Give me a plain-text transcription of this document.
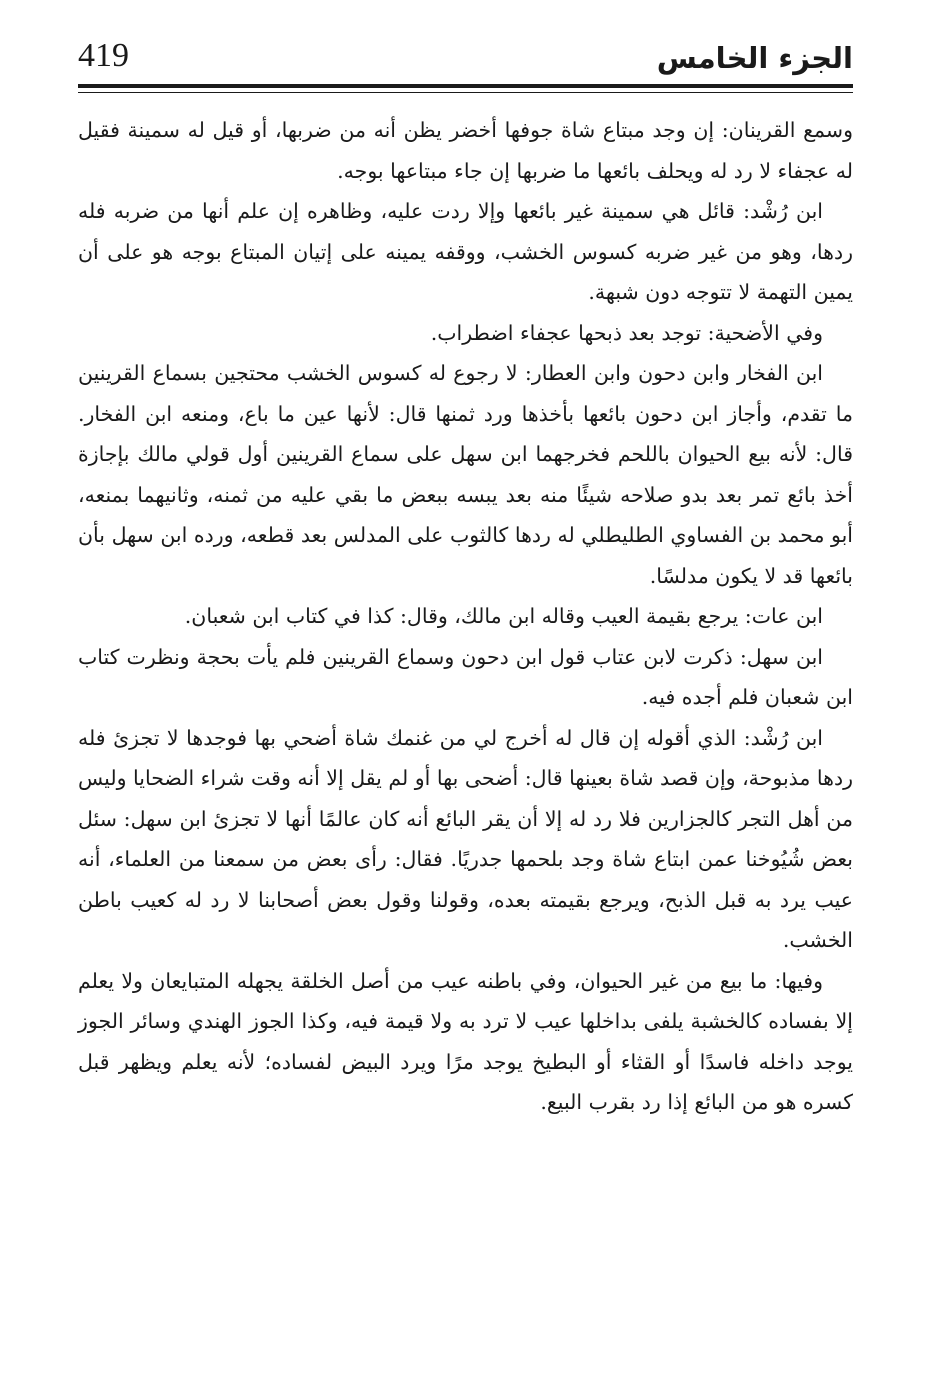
الجزء الخامس
419

وسمع القرينان: إن وجد مبتاع شاة جوفها أخضر يظن أنه من ضربها، أو قيل له سمينة فقيل له عجفاء لا رد له ويحلف بائعها ما ضربها إن جاء مبتاعها بوجه.

ابن رُشْد: قائل هي سمينة غير بائعها وإلا ردت عليه، وظاهره إن علم أنها من ضربه فله ردها، وهو من غير ضربه كسوس الخشب، ووقفه يمينه على إتيان المبتاع بوجه هو على أن يمين التهمة لا تتوجه دون شبهة.

وفي الأضحية: توجد بعد ذبحها عجفاء اضطراب.

ابن الفخار وابن دحون وابن العطار: لا رجوع له كسوس الخشب محتجين بسماع القرينين ما تقدم، وأجاز ابن دحون بائعها بأخذها ورد ثمنها قال: لأنها عين ما باع، ومنعه ابن الفخار. قال: لأنه بيع الحيوان باللحم فخرجهما ابن سهل على سماع القرينين أول قولي مالك بإجازة أخذ بائع تمر بعد بدو صلاحه شيئًا منه بعد يبسه ببعض ما بقي عليه من ثمنه، وثانيهما بمنعه، أبو محمد بن الفساوي الطليطلي له ردها كالثوب على المدلس بعد قطعه، ورده ابن سهل بأن بائعها قد لا يكون مدلسًا.

ابن عات: يرجع بقيمة العيب وقاله ابن مالك، وقال: كذا في كتاب ابن شعبان.

ابن سهل: ذكرت لابن عتاب قول ابن دحون وسماع القرينين فلم يأت بحجة ونظرت كتاب ابن شعبان فلم أجده فيه.

ابن رُشْد: الذي أقوله إن قال له أخرج لي من غنمك شاة أضحي بها فوجدها لا تجزئ فله ردها مذبوحة، وإن قصد شاة بعينها قال: أضحى بها أو لم يقل إلا أنه وقت شراء الضحايا وليس من أهل التجر كالجزارين فلا رد له إلا أن يقر البائع أنه كان عالمًا أنها لا تجزئ ابن سهل: سئل بعض شُيُوخنا عمن ابتاع شاة وجد بلحمها جدريًا. فقال: رأى بعض من سمعنا من العلماء، أنه عيب يرد به قبل الذبح، ويرجع بقيمته بعده، وقولنا وقول بعض أصحابنا لا رد له كعيب باطن الخشب.

وفيها: ما بيع من غير الحيوان، وفي باطنه عيب من أصل الخلقة يجهله المتبايعان ولا يعلم إلا بفساده كالخشبة يلفى بداخلها عيب لا ترد به ولا قيمة فيه، وكذا الجوز الهندي وسائر الجوز يوجد داخله فاسدًا أو القثاء أو البطيخ يوجد مرًا ويرد البيض لفساده؛ لأنه يعلم ويظهر قبل كسره هو من البائع إذا رد بقرب البيع.
